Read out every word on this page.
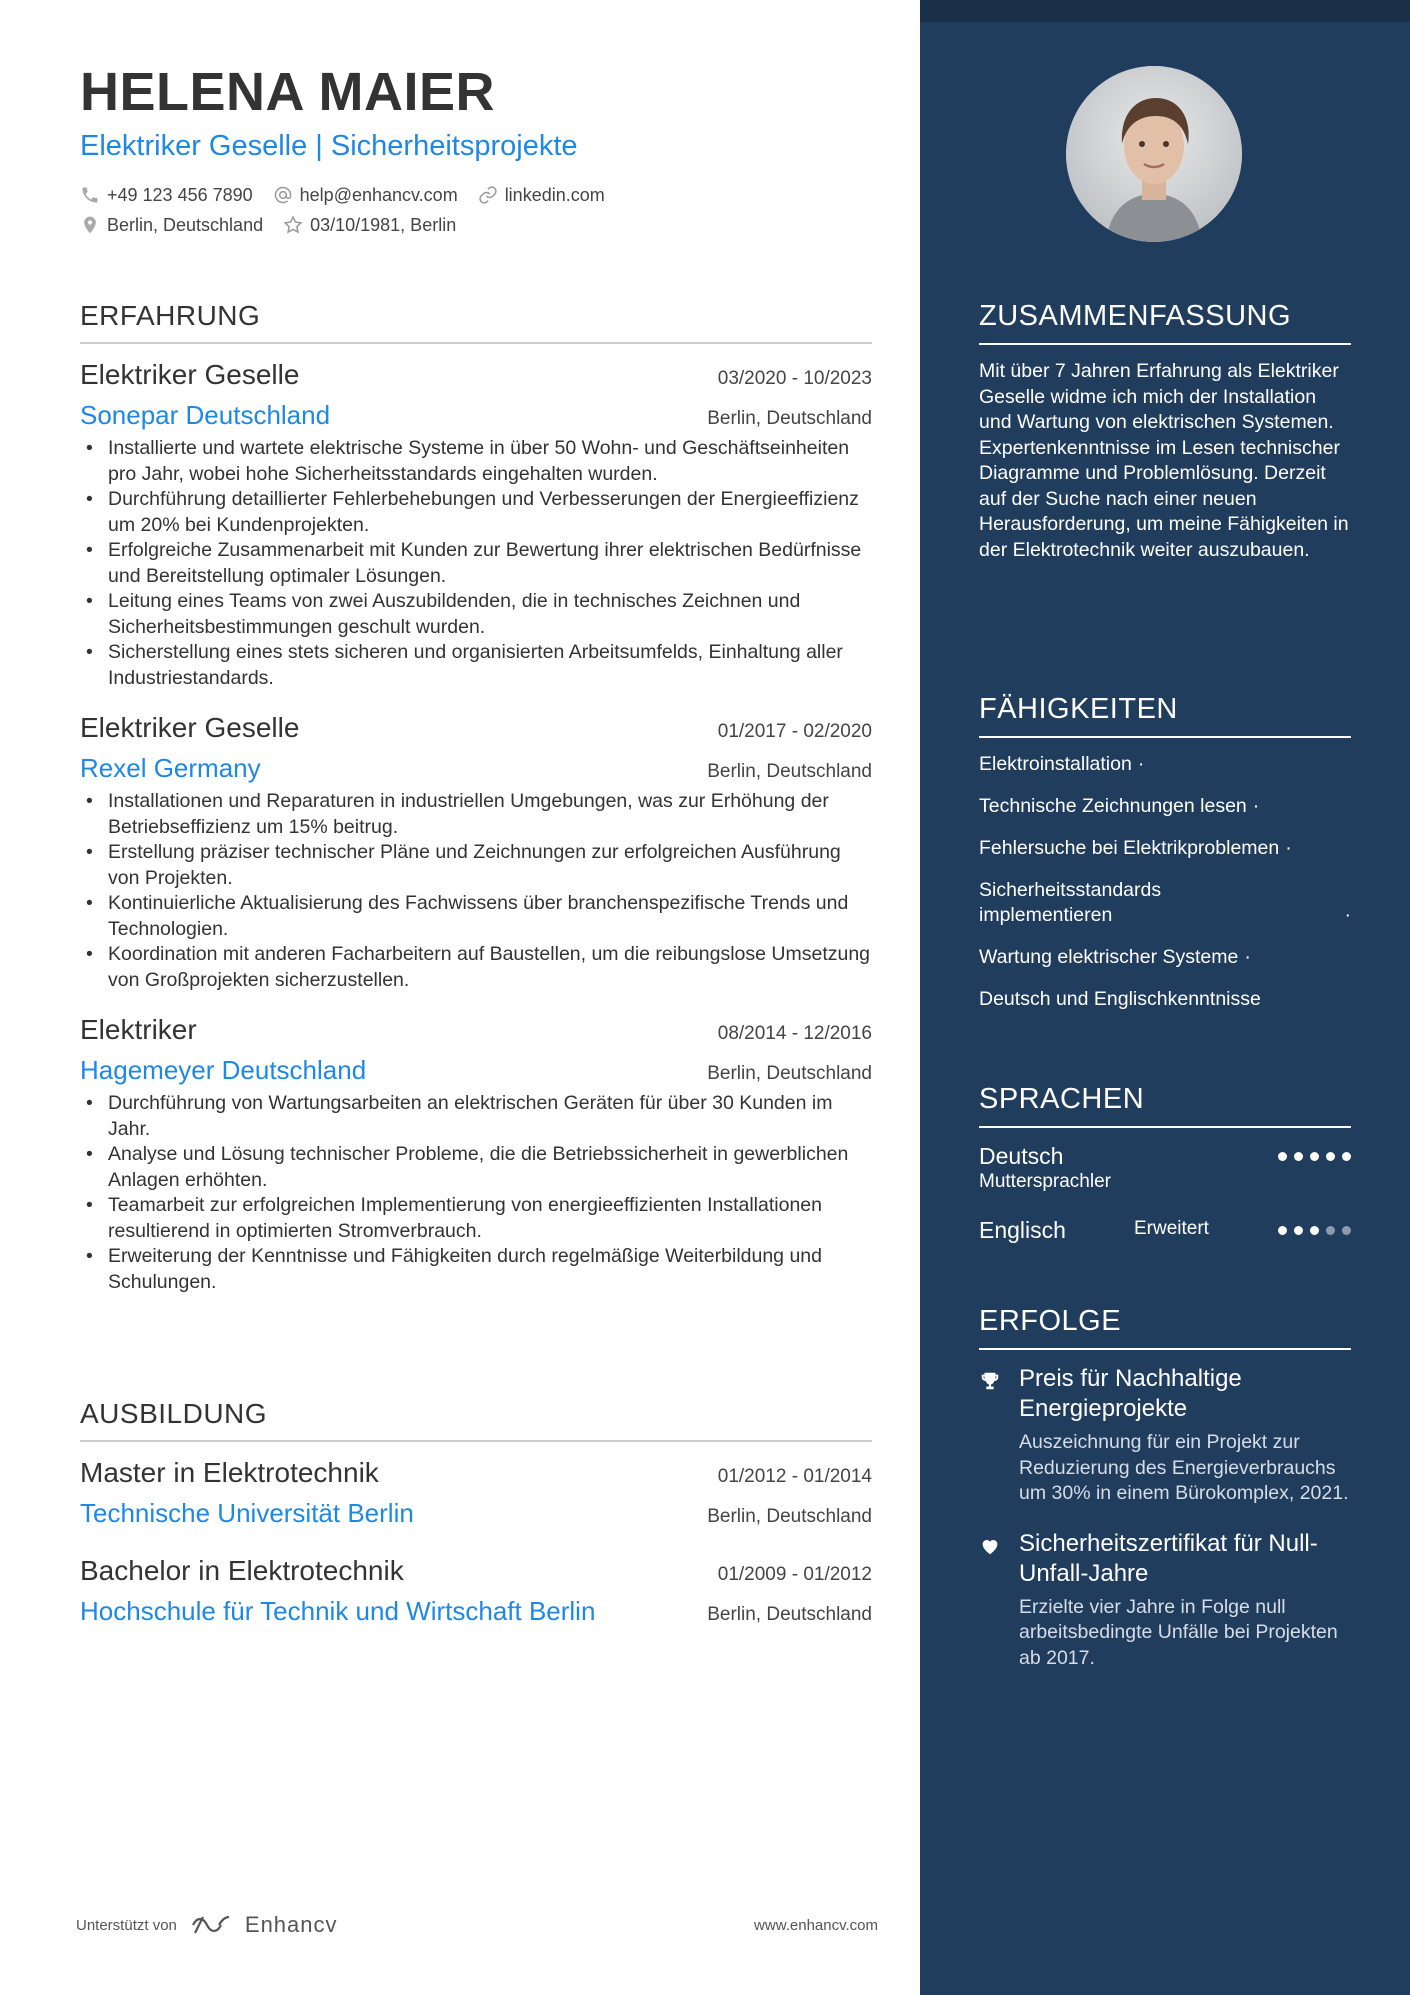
HELENA MAIER
Elektriker Geselle | Sicherheitsprojekte
+49 123 456 7890	help@enhancv.com	linkedin.com
Berlin, Deutschland	03/10/1981, Berlin
ERFAHRUNG
Elektriker Geselle	03/2020 - 10/2023
Sonepar Deutschland	Berlin, Deutschland
• Installierte und wartete elektrische Systeme in über 50 Wohn- und Geschäftseinheiten pro Jahr, wobei hohe Sicherheitsstandards eingehalten wurden.
• Durchführung detaillierter Fehlerbehebungen und Verbesserungen der Energieeffizienz um 20% bei Kundenprojekten.
• Erfolgreiche Zusammenarbeit mit Kunden zur Bewertung ihrer elektrischen Bedürfnisse und Bereitstellung optimaler Lösungen.
• Leitung eines Teams von zwei Auszubildenden, die in technisches Zeichnen und Sicherheitsbestimmungen geschult wurden.
• Sicherstellung eines stets sicheren und organisierten Arbeitsumfelds, Einhaltung aller Industriestandards.
Elektriker Geselle	01/2017 - 02/2020
Rexel Germany	Berlin, Deutschland
• Installationen und Reparaturen in industriellen Umgebungen, was zur Erhöhung der Betriebseffizienz um 15% beitrug.
• Erstellung präziser technischer Pläne und Zeichnungen zur erfolgreichen Ausführung von Projekten.
• Kontinuierliche Aktualisierung des Fachwissens über branchenspezifische Trends und Technologien.
• Koordination mit anderen Facharbeitern auf Baustellen, um die reibungslose Umsetzung von Großprojekten sicherzustellen.
Elektriker	08/2014 - 12/2016
Hagemeyer Deutschland	Berlin, Deutschland
• Durchführung von Wartungsarbeiten an elektrischen Geräten für über 30 Kunden im Jahr.
• Analyse und Lösung technischer Probleme, die die Betriebssicherheit in gewerblichen Anlagen erhöhten.
• Teamarbeit zur erfolgreichen Implementierung von energieeffizienten Installationen resultierend in optimierten Stromverbrauch.
• Erweiterung der Kenntnisse und Fähigkeiten durch regelmäßige Weiterbildung und Schulungen.
AUSBILDUNG
Master in Elektrotechnik	01/2012 - 01/2014
Technische Universität Berlin	Berlin, Deutschland
Bachelor in Elektrotechnik	01/2009 - 01/2012
Hochschule für Technik und Wirtschaft Berlin	Berlin, Deutschland
Unterstützt von	Enhancv	www.enhancv.com
ZUSAMMENFASSUNG
Mit über 7 Jahren Erfahrung als Elektriker Geselle widme ich mich der Installation und Wartung von elektrischen Systemen. Expertenkenntnisse im Lesen technischer Diagramme und Problemlösung. Derzeit auf der Suche nach einer neuen Herausforderung, um meine Fähigkeiten in der Elektrotechnik weiter auszubauen.
FÄHIGKEITEN
Elektroinstallation ·
Technische Zeichnungen lesen ·
Fehlersuche bei Elektrikproblemen ·
Sicherheitsstandards implementieren	·
Wartung elektrischer Systeme ·
Deutsch und Englischkenntnisse
SPRACHEN
Deutsch
Muttersprachler
Englisch	Erweitert
ERFOLGE
Preis für Nachhaltige Energieprojekte
Auszeichnung für ein Projekt zur Reduzierung des Energieverbrauchs um 30% in einem Bürokomplex, 2021.
Sicherheitszertifikat für Null-Unfall-Jahre
Erzielte vier Jahre in Folge null arbeitsbedingte Unfälle bei Projekten ab 2017.
